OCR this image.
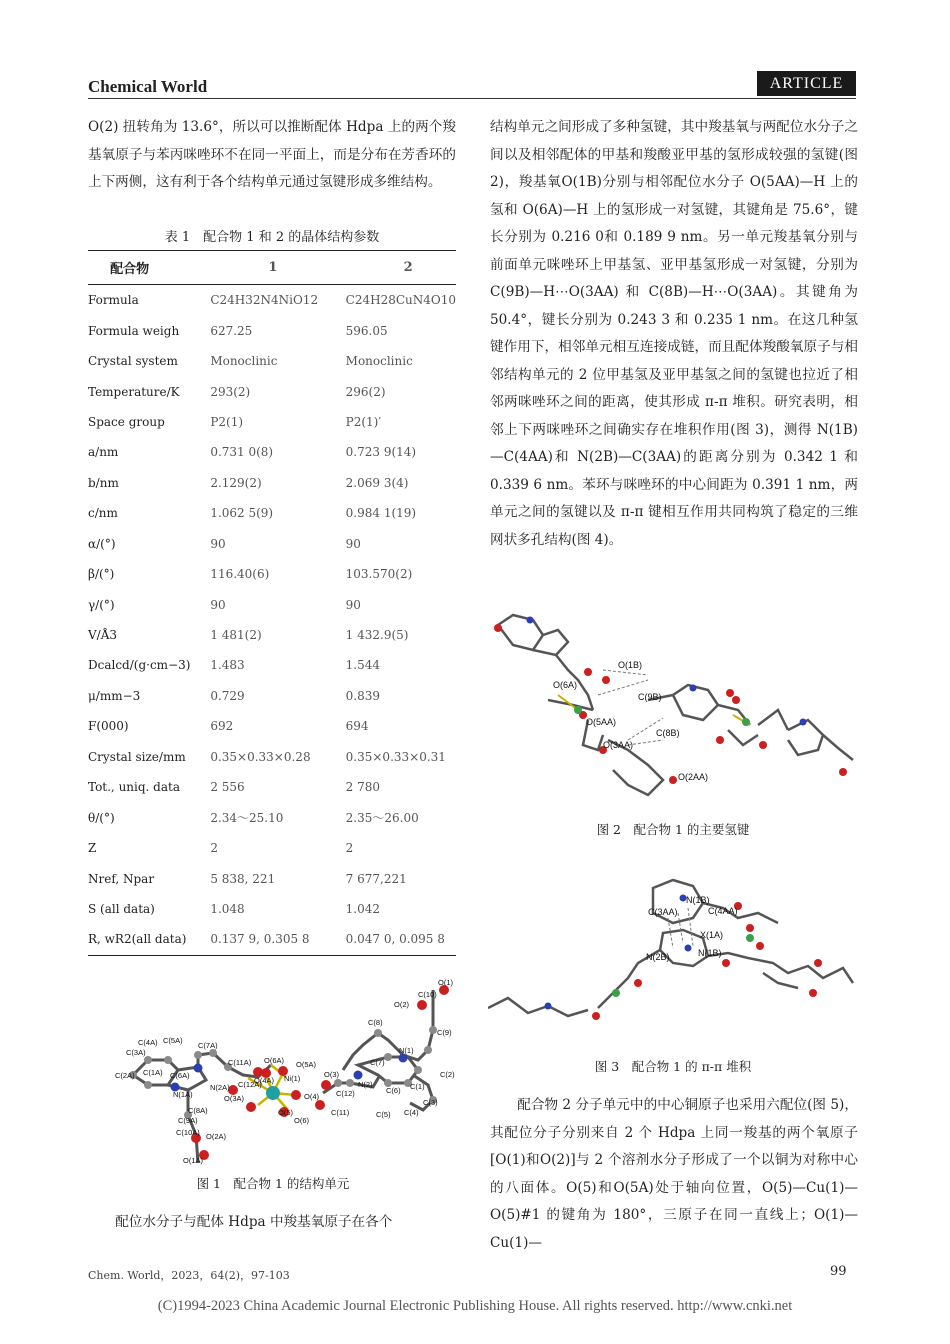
Chemical World	ARTICLE
O(2) 扭转角为 13.6°，所以可以推断配体 Hdpa 上的两个羧基氧原子与苯丙咪唑环不在同一平面上，而是分布在芳香环的上下两侧，这有利于各个结构单元通过氢键形成多维结构。
表 1　配合物 1 和 2 的晶体结构参数
配合物	1	2
Formula	C24H32N4NiO12	C24H28CuN4O10
Formula weigh	627.25	596.05
Crystal system	Monoclinic	Monoclinic
Temperature/K	293(2)	296(2)
Space group	P2(1)	P2(1)′
a/nm	0.731 0(8)	0.723 9(14)
b/nm	2.129(2)	2.069 3(4)
c/nm	1.062 5(9)	0.984 1(19)
α/(°)	90	90
β/(°)	116.40(6)	103.570(2)
γ/(°)	90	90
V/Å3	1 481(2)	1 432.9(5)
Dcalcd/(g·cm−3)	1.483	1.544
μ/mm−3	0.729	0.839
F(000)	692	694
Crystal size/mm	0.35×0.33×0.28	0.35×0.33×0.31
Tot., uniq. data	2 556	2 780
θ/(°)	2.34～25.10	2.35～26.00
Z	2	2
Nref, Npar	5 838, 221	7 677,221
S (all data)	1.048	1.042
R, wR2(all data)	0.137 9, 0.305 8	0.047 0, 0.095 8
O(1)
C(10)
O(2)
C(9)
C(8)
N(1)
C(1)
C(2)
C(3)
C(4)
C(5)
C(6)
C(7)
N(2)
C(11)
C(12)
O(3)
O(4)
Ni(1)
O(5)
O(6)
O(5A)
O(6A)
O(4A)
O(3A)
C(12A)
C(11A)
N(2A)
C(7A)
C(8A)
N(1A)
C(9A)
C(10A) O(2A)
O(1A)
C(6A)
C(1A)
C(2A)
C(3A)
C(4A) C(5A)
图 1　配合物 1 的结构单元
配位水分子与配体 Hdpa 中羧基氧原子在各个
结构单元之间形成了多种氢键，其中羧基氧与两配位水分子之间以及相邻配体的甲基和羧酸亚甲基的氢形成较强的氢键(图 2)，羧基氧O(1B)分别与相邻配位水分子 O(5AA)—H 上的氢和 O(6A)—H 上的氢形成一对氢键，其键角是 75.6°，键长分别为 0.216 0和 0.189 9 nm。另一单元羧基氧分别与前面单元咪唑环上甲基氢、亚甲基氢形成一对氢键，分别为 C(9B)—H⋯O(3AA) 和 C(8B)—H⋯O(3AA)。其键角为 50.4°，键长分别为 0.243 3 和 0.235 1 nm。在这几种氢键作用下，相邻单元相互连接成链，而且配体羧酸氧原子与相邻结构单元的 2 位甲基氢及亚甲基氢之间的氢键也拉近了相邻两咪唑环之间的距离，使其形成 π-π 堆积。研究表明，相邻上下两咪唑环之间确实存在堆积作用(图 3)，测得 N(1B)—C(4AA)和 N(2B)—C(3AA)的距离分别为 0.342 1 和 0.339 6 nm。苯环与咪唑环的中心间距为 0.391 1 nm，两单元之间的氢键以及 π-π 键相互作用共同构筑了稳定的三维网状多孔结构(图 4)。
O(1B)
O(6A)
C(9B)
O(5AA)
O(3AA)
C(8B)
O(2AA)
图 2　配合物 1 的主要氢键
N(1B)
C(3AA)	C(4AA)
X(1A)
N(2B)	N(1B)
图 3　配合物 1 的 π-π 堆积
配合物 2 分子单元中的中心铜原子也采用六配位(图 5)，其配位分子分别来自 2 个 Hdpa 上同一羧基的两个氧原子[O(1)和O(2)]与 2 个溶剂水分子形成了一个以铜为对称中心的八面体。O(5)和O(5A)处于轴向位置，O(5)—Cu(1)—O(5)#1 的键角为 180°，三原子在同一直线上；O(1)—Cu(1)—
Chem. World，2023，64(2)，97-103	99
(C)1994-2023 China Academic Journal Electronic Publishing House. All rights reserved. http://www.cnki.net
